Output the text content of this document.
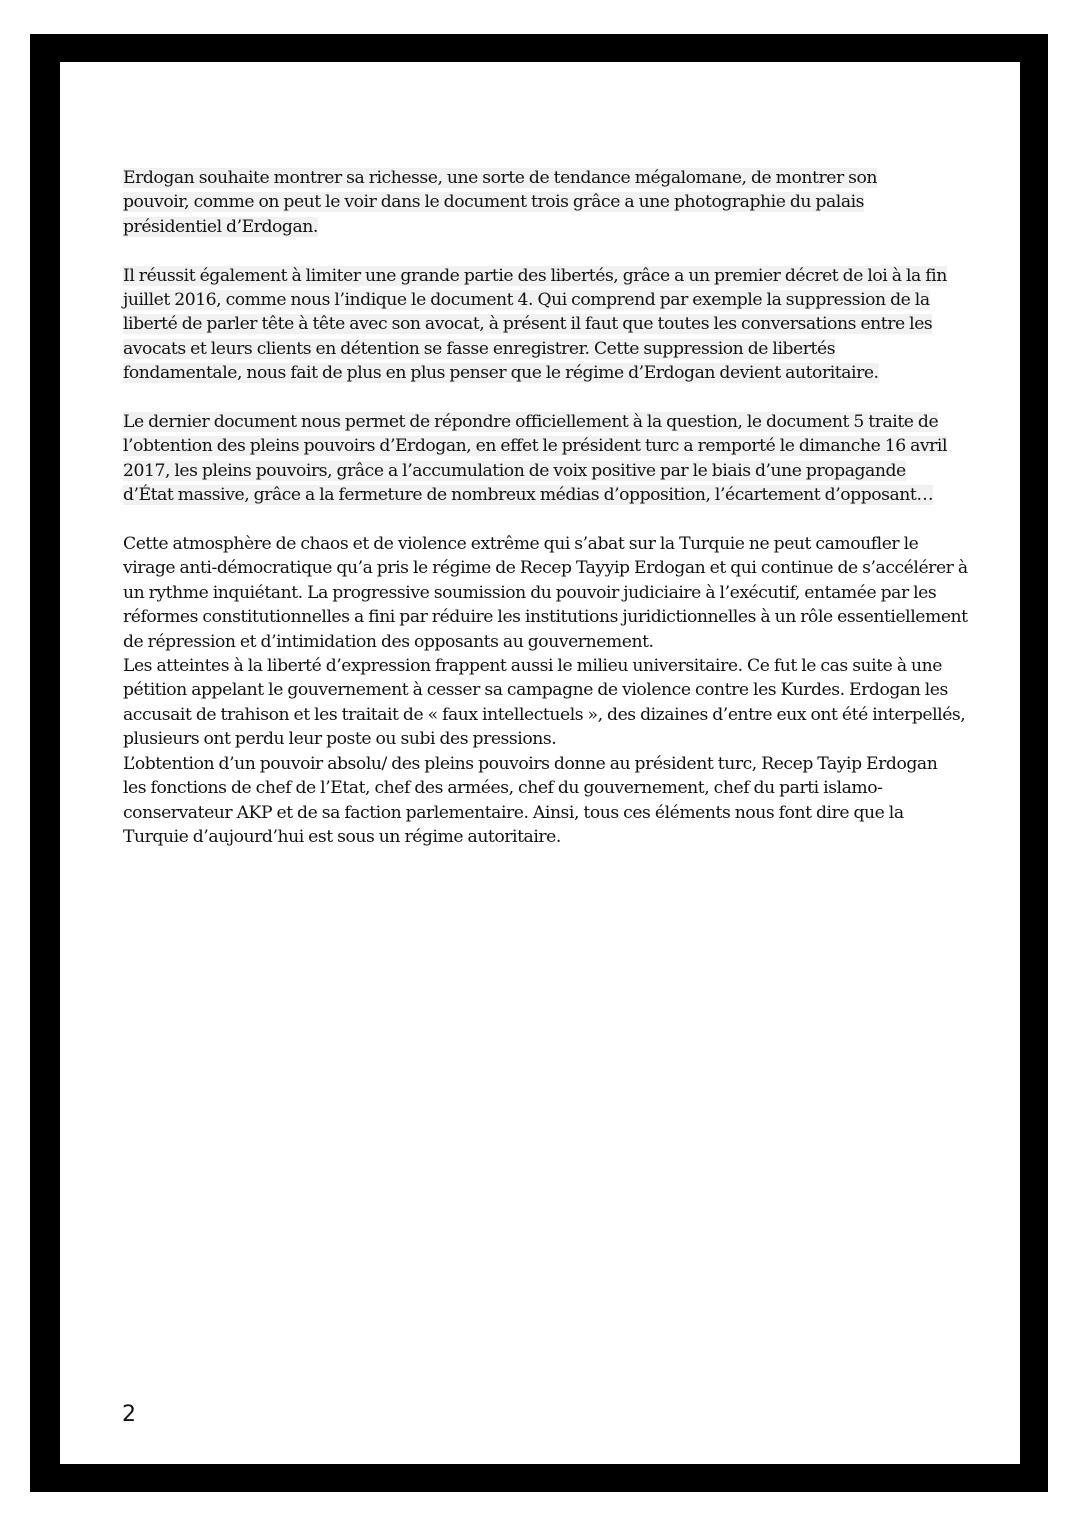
Erdogan souhaite montrer sa richesse, une sorte de tendance mégalomane, de montrer son
pouvoir, comme on peut le voir dans le document trois grâce a une photographie du palais
présidentiel d’Erdogan.

Il réussit également à limiter une grande partie des libertés, grâce a un premier décret de loi à la fin
juillet 2016, comme nous l’indique le document 4. Qui comprend par exemple la suppression de la
liberté de parler tête à tête avec son avocat, à présent il faut que toutes les conversations entre les
avocats et leurs clients en détention se fasse enregistrer. Cette suppression de libertés
fondamentale, nous fait de plus en plus penser que le régime d’Erdogan devient autoritaire.

Le dernier document nous permet de répondre officiellement à la question, le document 5 traite de
l’obtention des pleins pouvoirs d’Erdogan, en effet le président turc a remporté le dimanche 16 avril
2017, les pleins pouvoirs, grâce a l’accumulation de voix positive par le biais d’une propagande
d’État massive, grâce a la fermeture de nombreux médias d’opposition, l’écartement d’opposant…

Cette atmosphère de chaos et de violence extrême qui s’abat sur la Turquie ne peut camoufler le
virage anti-démocratique qu’a pris le régime de Recep Tayyip Erdogan et qui continue de s’accélérer à
un rythme inquiétant. La progressive soumission du pouvoir judiciaire à l’exécutif, entamée par les
réformes constitutionnelles a fini par réduire les institutions juridictionnelles à un rôle essentiellement
de répression et d’intimidation des opposants au gouvernement.

Les atteintes à la liberté d’expression frappent aussi le milieu universitaire. Ce fut le cas suite à une
pétition appelant le gouvernement à cesser sa campagne de violence contre les Kurdes. Erdogan les
accusait de trahison et les traitait de « faux intellectuels », des dizaines d’entre eux ont été interpellés,
plusieurs ont perdu leur poste ou subi des pressions.

L’obtention d’un pouvoir absolu/ des pleins pouvoirs donne au président turc, Recep Tayip Erdogan
les fonctions de chef de l’Etat, chef des armées, chef du gouvernement, chef du parti islamo-
conservateur AKP et de sa faction parlementaire. Ainsi, tous ces éléments nous font dire que la
Turquie d’aujourd’hui est sous un régime autoritaire.

2
